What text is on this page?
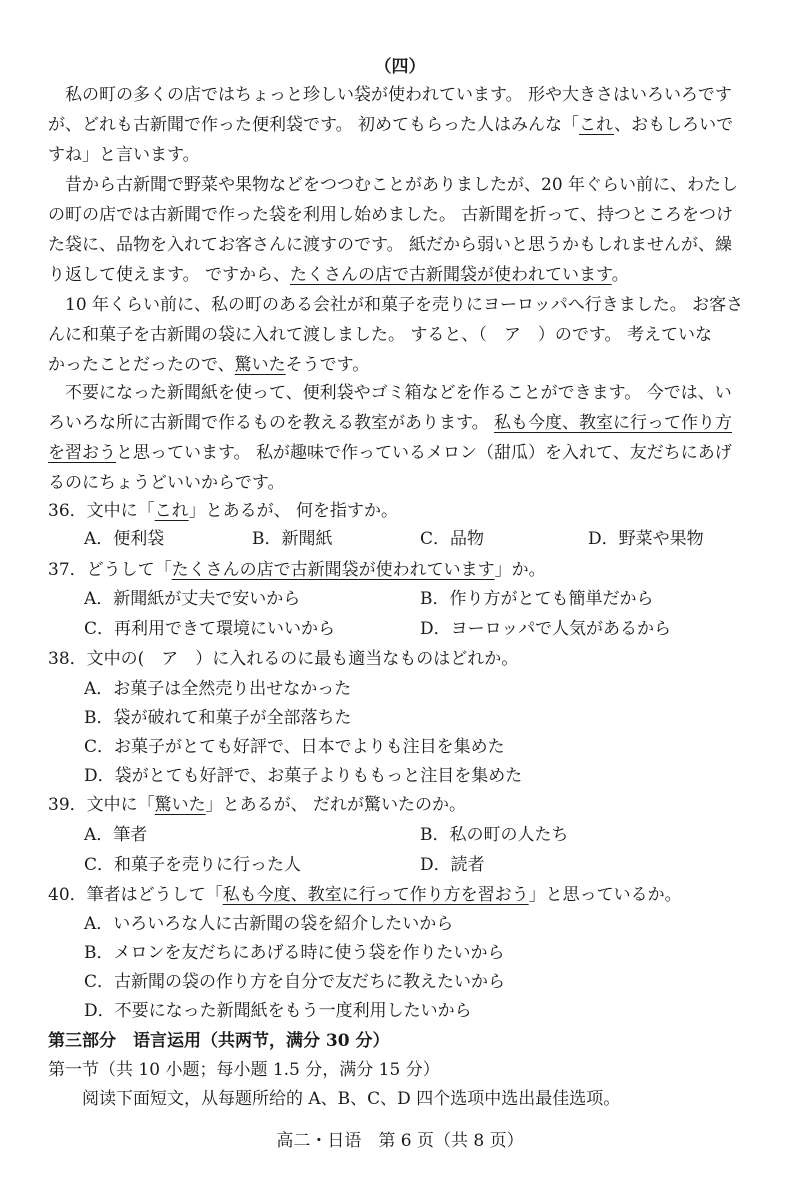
（四）
私の町の多くの店ではちょっと珍しい袋が使われています。 形や大きさはいろいろです
が、どれも古新聞で作った便利袋です。 初めてもらった人はみんな「これ、おもしろいで
すね」と言います。
昔から古新聞で野菜や果物などをつつむことがありましたが、20 年ぐらい前に、わたし
の町の店では古新聞で作った袋を利用し始めました。 古新聞を折って、持つところをつけ
た袋に、品物を入れてお客さんに渡すのです。 紙だから弱いと思うかもしれませんが、繰
り返して使えます。 ですから、たくさんの店で古新聞袋が使われています。
10 年くらい前に、私の町のある会社が和菓子を売りにヨーロッパへ行きました。 お客さ
んに和菓子を古新聞の袋に入れて渡しました。 すると、（　ア　）のです。 考えていな
かったことだったので、驚いたそうです。
不要になった新聞紙を使って、便利袋やゴミ箱などを作ることができます。 今では、い
ろいろな所に古新聞で作るものを教える教室があります。 私も今度、教室に行って作り方
を習おうと思っています。 私が趣味で作っているメロン（甜瓜）を入れて、友だちにあげ
るのにちょうどいいからです。
36．文中に「これ」とあるが、 何を指すか。
A．便利袋	B．新聞紙	C．品物	D．野菜や果物
37．どうして「たくさんの店で古新聞袋が使われています」か。
A．新聞紙が丈夫で安いから	B．作り方がとても簡単だから
C．再利用できて環境にいいから	D．ヨーロッパで人気があるから
38．文中の(　ア　）に入れるのに最も適当なものはどれか。
A．お菓子は全然売り出せなかった
B．袋が破れて和菓子が全部落ちた
C．お菓子がとても好評で、日本でよりも注目を集めた
D．袋がとても好評で、お菓子よりももっと注目を集めた
39．文中に「驚いた」とあるが、 だれが驚いたのか。
A．筆者	B．私の町の人たち
C．和菓子を売りに行った人	D．読者
40．筆者はどうして「私も今度、教室に行って作り方を習おう」と思っているか。
A．いろいろな人に古新聞の袋を紹介したいから
B．メロンを友だちにあげる時に使う袋を作りたいから
C．古新聞の袋の作り方を自分で友だちに教えたいから
D．不要になった新聞紙をもう一度利用したいから
第三部分　语言运用（共两节，满分 30 分）
第一节（共 10 小题；每小题 1.5 分，满分 15 分）
阅读下面短文，从每题所给的 A、B、C、D 四个选项中选出最佳选项。
高二・日语　第 6 页（共 8 页）
